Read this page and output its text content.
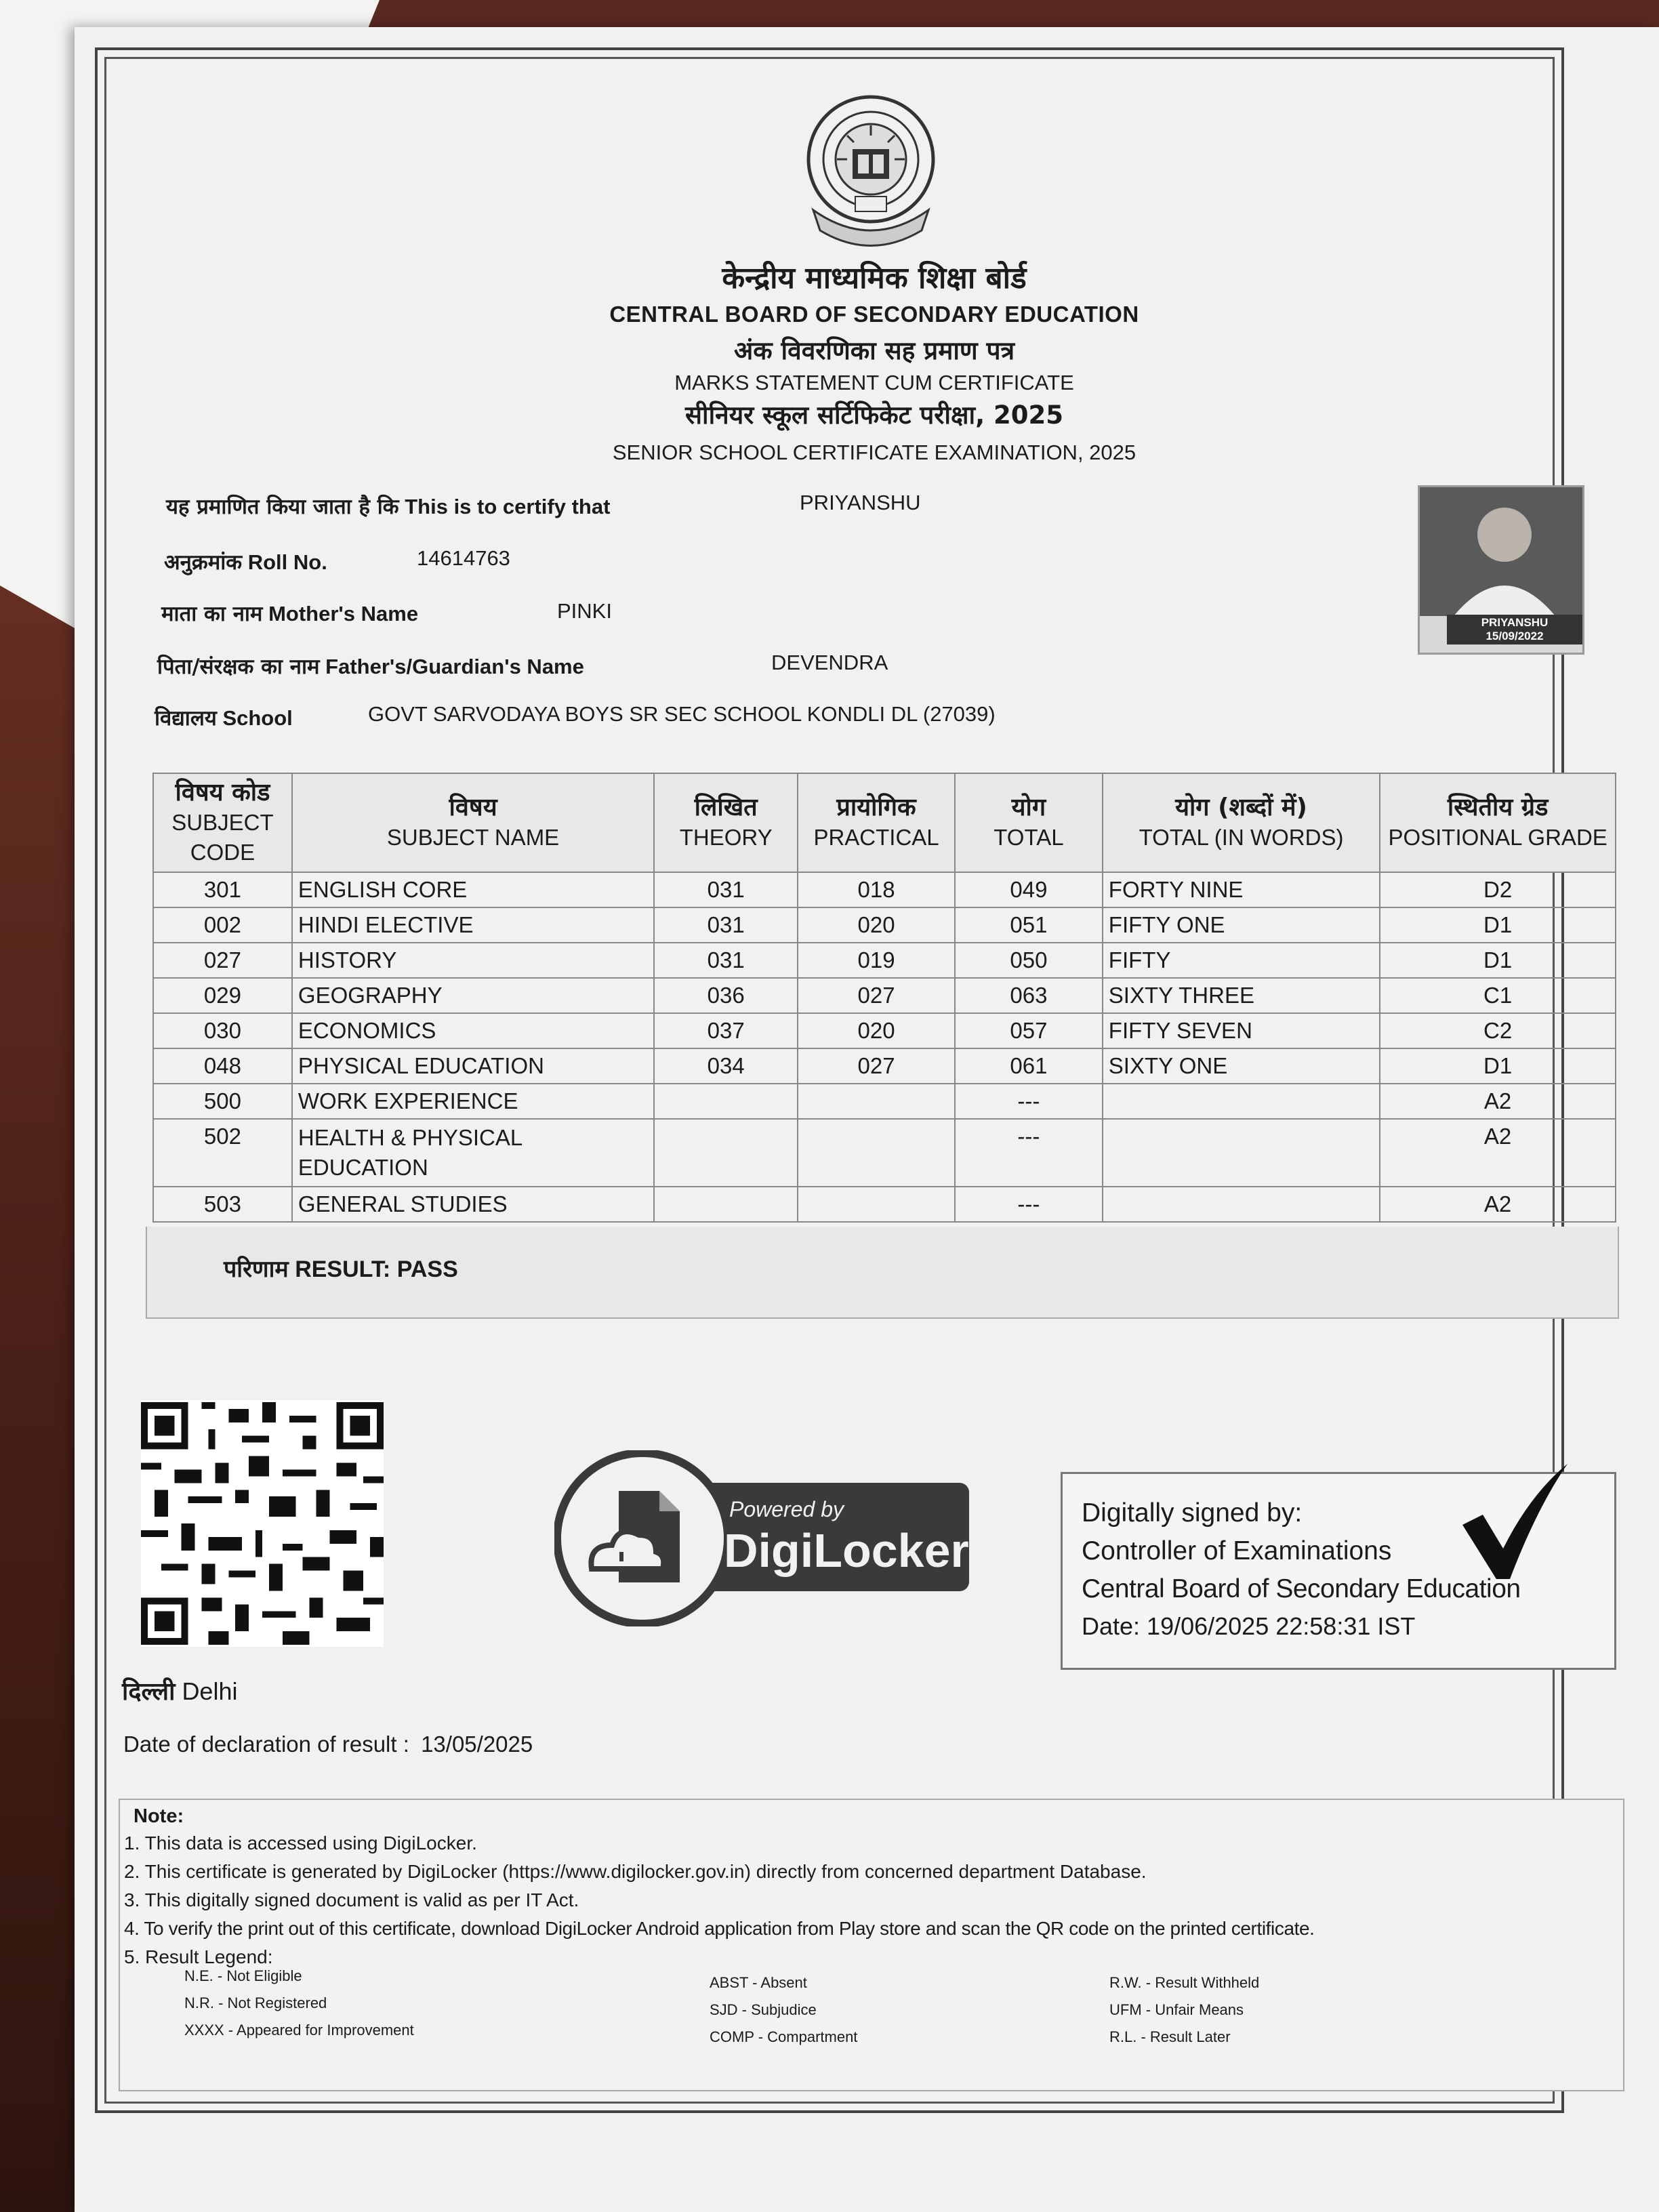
केन्द्रीय माध्यमिक शिक्षा बोर्ड
CENTRAL BOARD OF SECONDARY EDUCATION
अंक विवरणिका सह प्रमाण पत्र
MARKS STATEMENT CUM CERTIFICATE
सीनियर स्कूल सर्टिफिकेट परीक्षा, 2025
SENIOR SCHOOL CERTIFICATE EXAMINATION, 2025
यह प्रमाणित किया जाता है कि This is to certify that	PRIYANSHU
अनुक्रमांक Roll No.	14614763
माता का नाम Mother's Name	PINKI
पिता/संरक्षक का नाम Father's/Guardian's Name	DEVENDRA
विद्यालय School	GOVT SARVODAYA BOYS SR SEC SCHOOL KONDLI DL (27039)
PRIYANSHU
15/09/2022
विषय कोड
SUBJECT CODE	विषय
SUBJECT NAME	लिखित
THEORY	प्रायोगिक
PRACTICAL	योग
TOTAL	योग (शब्दों में)
TOTAL (IN WORDS)	स्थितीय ग्रेड
POSITIONAL GRADE
301	ENGLISH CORE	031	018	049	FORTY NINE	D2
002	HINDI ELECTIVE	031	020	051	FIFTY ONE	D1
027	HISTORY	031	019	050	FIFTY	D1
029	GEOGRAPHY	036	027	063	SIXTY THREE	C1
030	ECONOMICS	037	020	057	FIFTY SEVEN	C2
048	PHYSICAL EDUCATION	034	027	061	SIXTY ONE	D1
500	WORK EXPERIENCE			---		A2
502	HEALTH & PHYSICAL EDUCATION			---		A2
503	GENERAL STUDIES			---		A2
परिणाम RESULT: PASS
Powered by
DigiLocker
Digitally signed by:
Controller of Examinations
Central Board of Secondary Education
Date: 19/06/2025 22:58:31 IST
दिल्ली Delhi
Date of declaration of result : 13/05/2025
Note:
1. This data is accessed using DigiLocker.
2. This certificate is generated by DigiLocker (https://www.digilocker.gov.in) directly from concerned department Database.
3. This digitally signed document is valid as per IT Act.
4. To verify the print out of this certificate, download DigiLocker Android application from Play store and scan the QR code on the printed certificate.
5. Result Legend:
N.E. - Not Eligible
N.R. - Not Registered
XXXX - Appeared for Improvement
ABST - Absent
SJD - Subjudice
COMP - Compartment
R.W. - Result Withheld
UFM - Unfair Means
R.L. - Result Later
